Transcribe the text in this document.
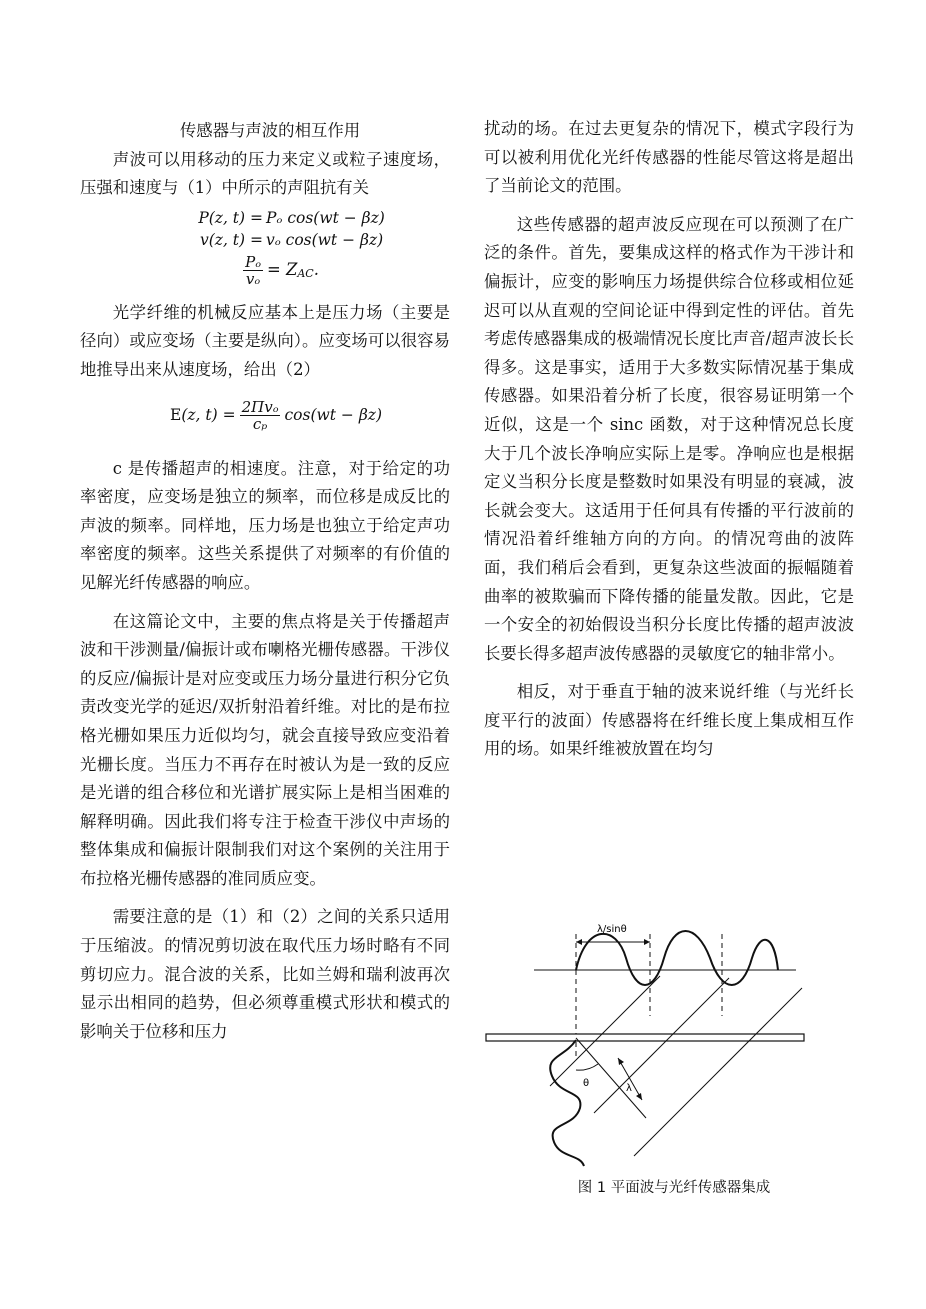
传感器与声波的相互作用

声波可以用移动的压力来定义或粒子速度场，压强和速度与（1）中所示的声阻抗有关

P(z, t) = Pₒ cos(wt − βz)
v(z, t) = vₒ cos(wt − βz)
$\frac{\text{Pₒ}}{\text{vₒ}} = Z$ AC .

光学纤维的机械反应基本上是压力场（主要是径向）或应变场（主要是纵向）。应变场可以很容易地推导出来从速度场，给出（2）

E (z, $t) = \frac{\text{2Πvₒ}}{\text{cₚ}} \cos(wt - \beta z)$

c 是传播超声的相速度。注意，对于给定的功率密度，应变场是独立的频率，而位移是成反比的声波的频率。同样地，压力场是也独立于给定声功率密度的频率。这些关系提供了对频率的有价值的见解光纤传感器的响应。

在这篇论文中，主要的焦点将是关于传播超声波和干涉测量/偏振计或布喇格光栅传感器。干涉仪的反应/偏振计是对应变或压力场分量进行积分它负责改变光学的延迟/双折射沿着纤维。对比的是布拉格光栅如果压力近似均匀，就会直接导致应变沿着光栅长度。当压力不再存在时被认为是一致的反应是光谱的组合移位和光谱扩展实际上是相当困难的解释明确。因此我们将专注于检查干涉仪中声场的整体集成和偏振计限制我们对这个案例的关注用于布拉格光栅传感器的准同质应变。

需要注意的是（1）和（2）之间的关系只适用于压缩波。的情况剪切波在取代压力场时略有不同剪切应力。混合波的关系，比如兰姆和瑞利波再次显示出相同的趋势，但必须尊重模式形状和模式的影响关于位移和压力

扰动的场。在过去更复杂的情况下，模式字段行为可以被利用优化光纤传感器的性能尽管这将是超出了当前论文的范围。

这些传感器的超声波反应现在可以预测了在广泛的条件。首先，要集成这样的格式作为干涉计和偏振计，应变的影响压力场提供综合位移或相位延迟可以从直观的空间论证中得到定性的评估。首先考虑传感器集成的极端情况长度比声音/超声波长长得多。这是事实，适用于大多数实际情况基于集成传感器。如果沿着分析了长度，很容易证明第一个近似，这是一个 sinc 函数，对于这种情况总长度大于几个波长净响应实际上是零。净响应也是根据定义当积分长度是整数时如果没有明显的衰减，波长就会变大。这适用于任何具有传播的平行波前的情况沿着纤维轴方向的方向。的情况弯曲的波阵面，我们稍后会看到，更复杂这些波面的振幅随着曲率的被欺骗而下降传播的能量发散。因此，它是一个安全的初始假设当积分长度比传播的超声波波长要长得多超声波传感器的灵敏度它的轴非常小。

相反，对于垂直于轴的波来说纤维（与光纤长度平行的波面）传感器将在纤维长度上集成相互作用的场。如果纤维被放置在均匀

λ/sinθ
θ	λ
图 1 平面波与光纤传感器集成
